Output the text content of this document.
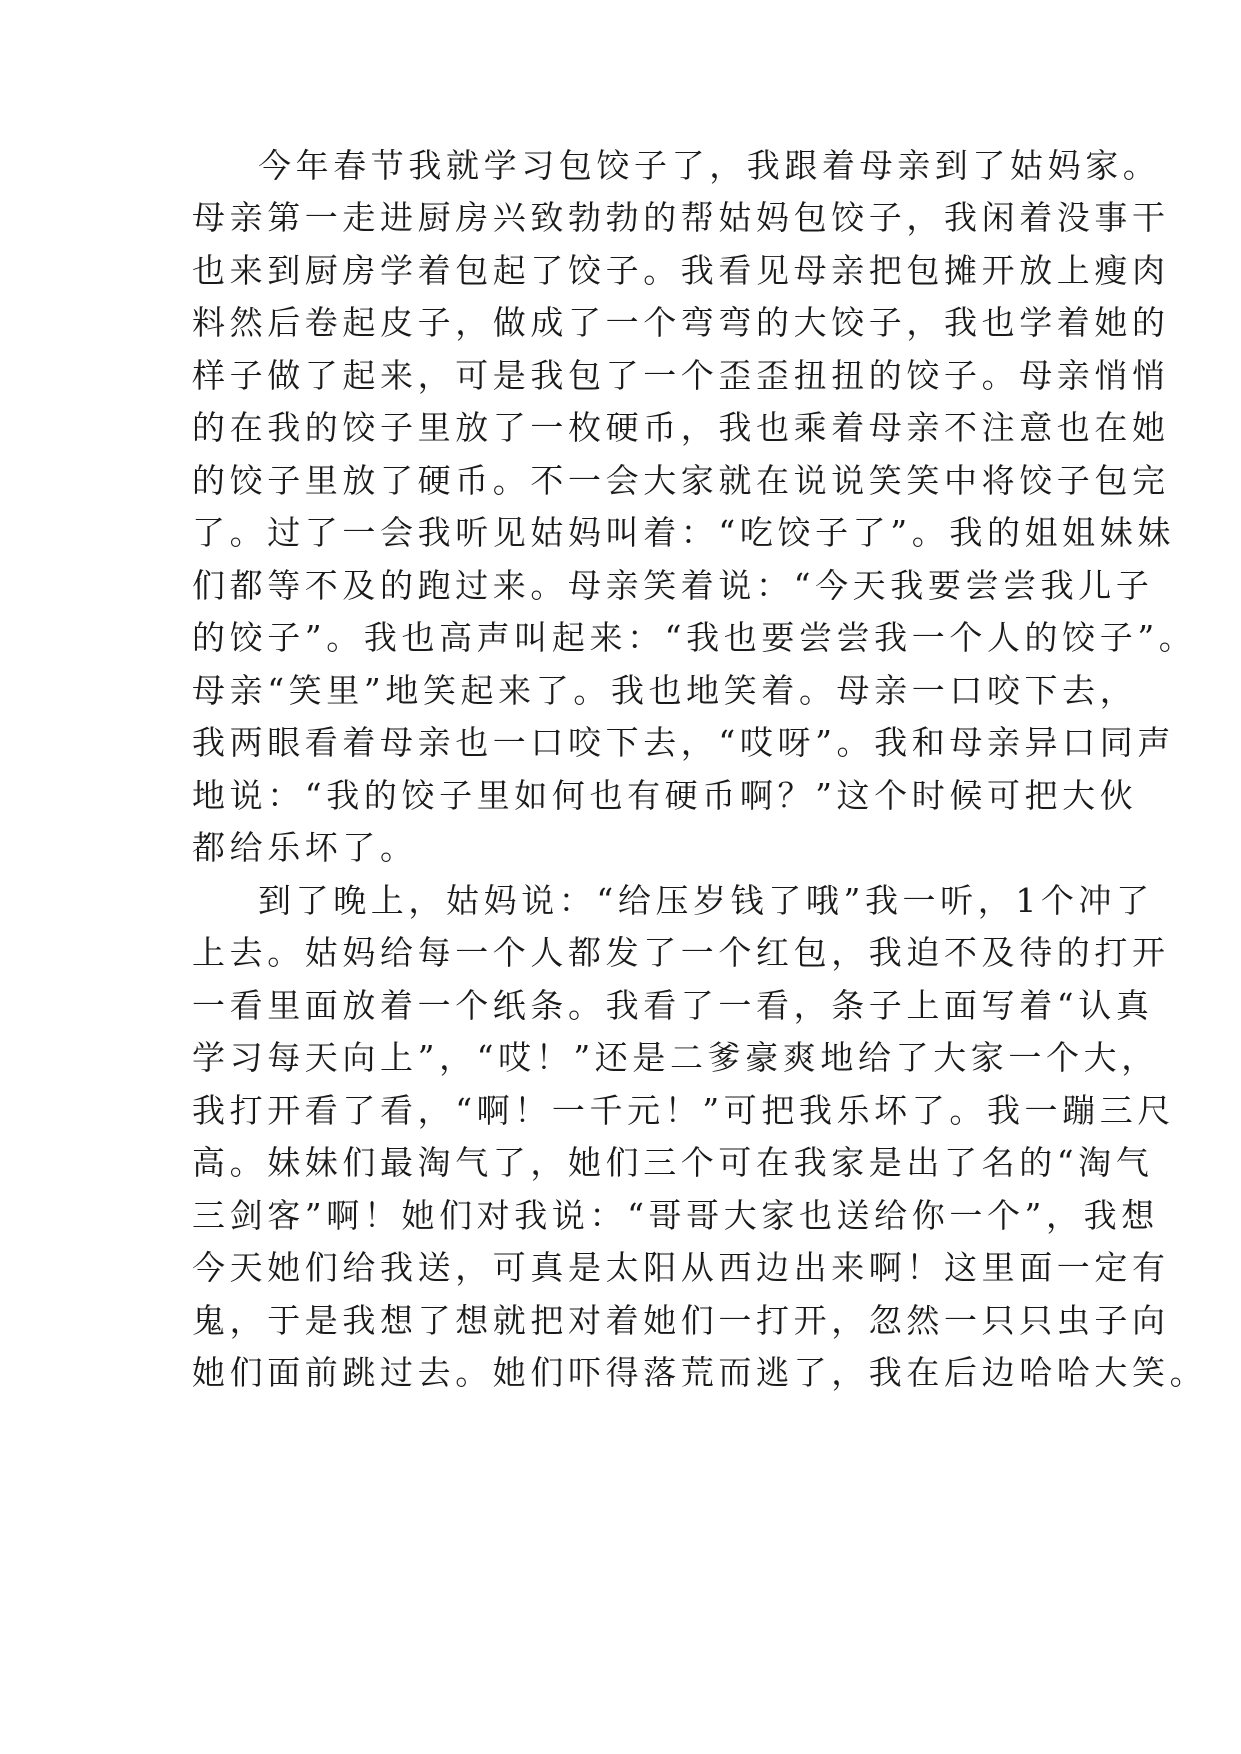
今年春节我就学习包饺子了，我跟着母亲到了姑妈家。
母亲第一走进厨房兴致勃勃的帮姑妈包饺子，我闲着没事干
也来到厨房学着包起了饺子。我看见母亲把包摊开放上瘦肉
料然后卷起皮子，做成了一个弯弯的大饺子，我也学着她的
样子做了起来，可是我包了一个歪歪扭扭的饺子。母亲悄悄
的在我的饺子里放了一枚硬币，我也乘着母亲不注意也在她
的饺子里放了硬币。不一会大家就在说说笑笑中将饺子包完
了。过了一会我听见姑妈叫着：“吃饺子了”。我的姐姐妹妹
们都等不及的跑过来。母亲笑着说：“今天我要尝尝我儿子
的饺子”。我也高声叫起来：“我也要尝尝我一个人的饺子”。
母亲“笑里”地笑起来了。我也地笑着。母亲一口咬下去，
我两眼看着母亲也一口咬下去，“哎呀”。我和母亲异口同声
地说：“我的饺子里如何也有硬币啊？”这个时候可把大伙
都给乐坏了。
到了晚上，姑妈说：“给压岁钱了哦”我一听，1个冲了
上去。姑妈给每一个人都发了一个红包，我迫不及待的打开
一看里面放着一个纸条。我看了一看，条子上面写着“认真
学习每天向上”，“哎！”还是二爹豪爽地给了大家一个大，
我打开看了看，“啊！一千元！”可把我乐坏了。我一蹦三尺
高。妹妹们最淘气了，她们三个可在我家是出了名的“淘气
三剑客”啊！她们对我说：“哥哥大家也送给你一个”，我想
今天她们给我送，可真是太阳从西边出来啊！这里面一定有
鬼，于是我想了想就把对着她们一打开，忽然一只只虫子向
她们面前跳过去。她们吓得落荒而逃了，我在后边哈哈大笑。
